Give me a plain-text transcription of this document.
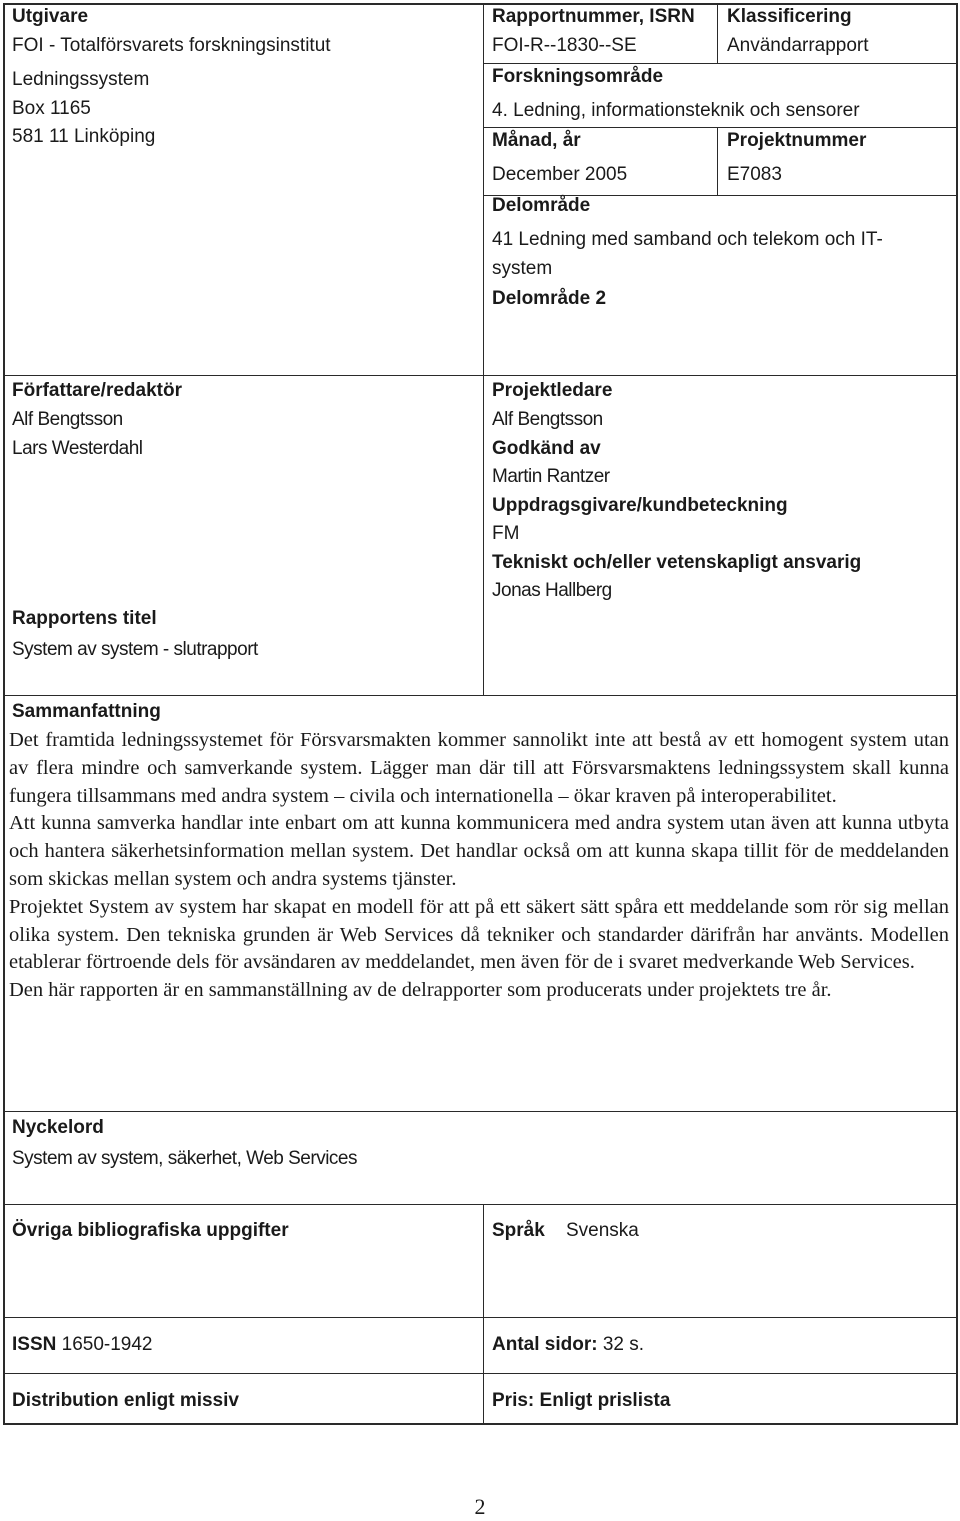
Utgivare
FOI - Totalförsvarets forskningsinstitut
Ledningssystem
Box 1165
581 11 Linköping
Rapportnummer, ISRN
FOI-R--1830--SE
Klassificering
Användarrapport
Forskningsområde
4. Ledning, informationsteknik och sensorer
Månad, år
December 2005
Projektnummer
E7083
Delområde
41 Ledning med samband och telekom och IT-
system
Delområde 2
Författare/redaktör
Alf Bengtsson
Lars Westerdahl
Rapportens titel
System av system - slutrapport
Projektledare
Alf Bengtsson
Godkänd av
Martin Rantzer
Uppdragsgivare/kundbeteckning
FM
Tekniskt och/eller vetenskapligt ansvarig
Jonas Hallberg
Sammanfattning

Det framtida ledningssystemet för Försvarsmakten kommer sannolikt inte att bestå av ett homogent system utan av flera mindre och samverkande system. Lägger man där till att Försvarsmaktens ledningssystem skall kunna fungera tillsammans med andra system – civila och internationella – ökar kraven på interoperabilitet.

Att kunna samverka handlar inte enbart om att kunna kommunicera med andra system utan även att kunna utbyta och hantera säkerhetsinformation mellan system. Det handlar också om att kunna skapa tillit för de meddelanden som skickas mellan system och andra systems tjänster.

Projektet System av system har skapat en modell för att på ett säkert sätt spåra ett meddelande som rör sig mellan olika system. Den tekniska grunden är Web Services då tekniker och standarder därifrån har använts. Modellen etablerar förtroende dels för avsändaren av meddelandet, men även för de i svaret medverkande Web Services.

Den här rapporten är en sammanställning av de delrapporter som producerats under projektets tre år.

Nyckelord
System av system, säkerhet, Web Services
Övriga bibliografiska uppgifter	Språk Svenska
ISSN 1650-1942	Antal sidor: 32 s.
Distribution enligt missiv	Pris: Enligt prislista
2
